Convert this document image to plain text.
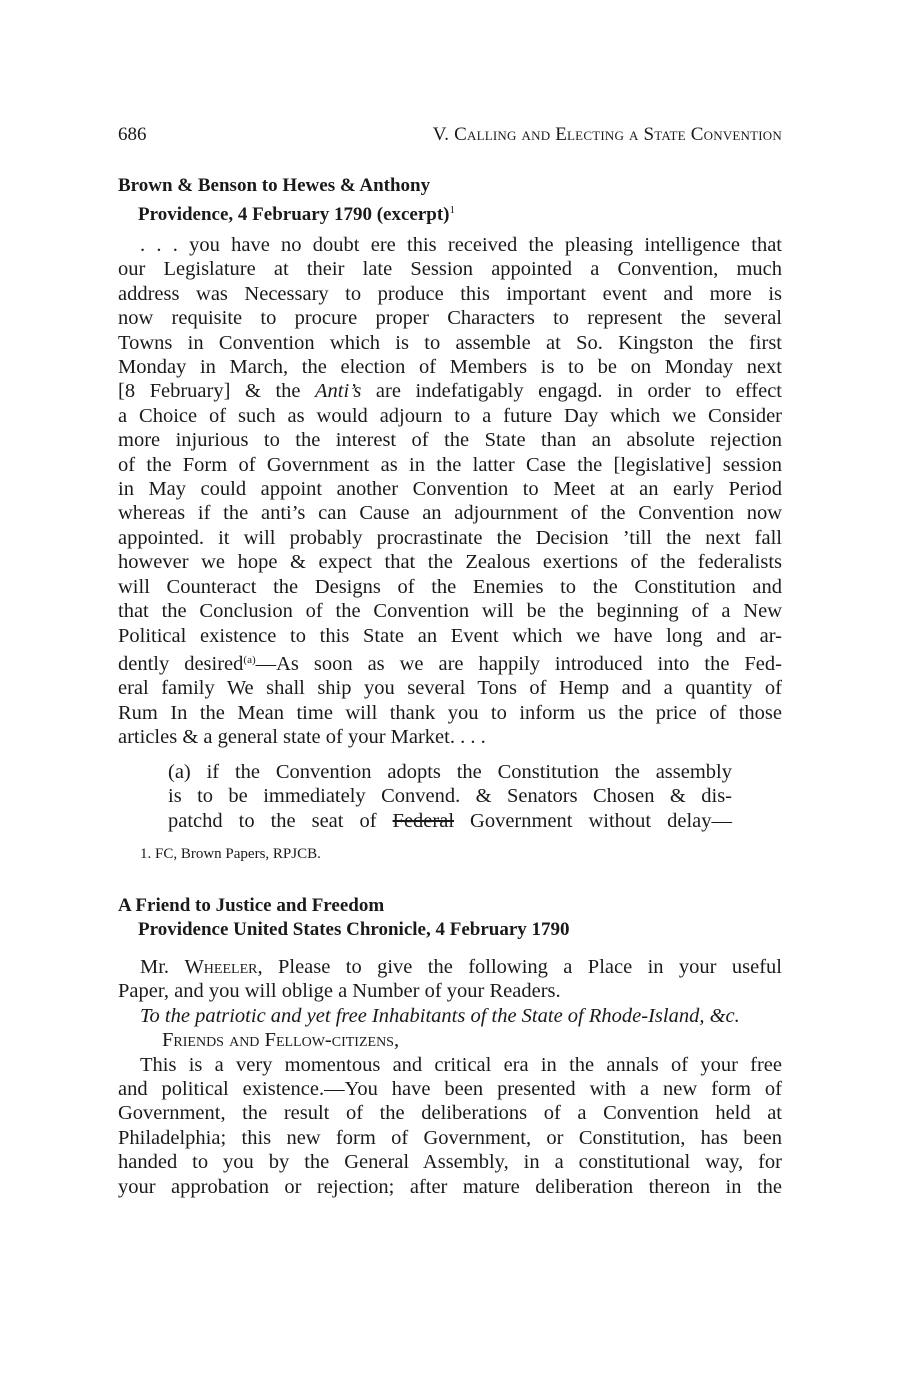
686	V. Calling and Electing a State Convention
Brown & Benson to Hewes & Anthony
Providence, 4 February 1790 (excerpt)$^1$
. . . you have no doubt ere this received the pleasing intelligence that
our Legislature at their late Session appointed a Convention, much
address was Necessary to produce this important event and more is
now requisite to procure proper Characters to represent the several
Towns in Convention which is to assemble at So. Kingston the first
Monday in March, the election of Members is to be on Monday next
[8 February] & the Anti’s are indefatigably engagd. in order to effect
a Choice of such as would adjourn to a future Day which we Consider
more injurious to the interest of the State than an absolute rejection
of the Form of Government as in the latter Case the [legislative] session
in May could appoint another Convention to Meet at an early Period
whereas if the anti’s can Cause an adjournment of the Convention now
appointed. it will probably procrastinate the Decision ’till the next fall
however we hope & expect that the Zealous exertions of the federalists
will Counteract the Designs of the Enemies to the Constitution and
that the Conclusion of the Convention will be the beginning of a New
Political existence to this State an Event which we have long and ar-
dently desired$^{(a)}$—As soon as we are happily introduced into the Fed-
eral family We shall ship you several Tons of Hemp and a quantity of
Rum In the Mean time will thank you to inform us the price of those
articles & a general state of your Market. . . .
(a) if the Convention adopts the Constitution the assembly
is to be immediately Convend. & Senators Chosen & dis-
patchd to the seat of Federal Government without delay—
1. FC, Brown Papers, RPJCB.
A Friend to Justice and Freedom
Providence United States Chronicle, 4 February 1790
Mr. Wheeler, Please to give the following a Place in your useful
Paper, and you will oblige a Number of your Readers.
To the patriotic and yet free Inhabitants of the State of Rhode-Island, &c.
Friends and Fellow-citizens,
This is a very momentous and critical era in the annals of your free
and political existence.—You have been presented with a new form of
Government, the result of the deliberations of a Convention held at
Philadelphia; this new form of Government, or Constitution, has been
handed to you by the General Assembly, in a constitutional way, for
your approbation or rejection; after mature deliberation thereon in the
